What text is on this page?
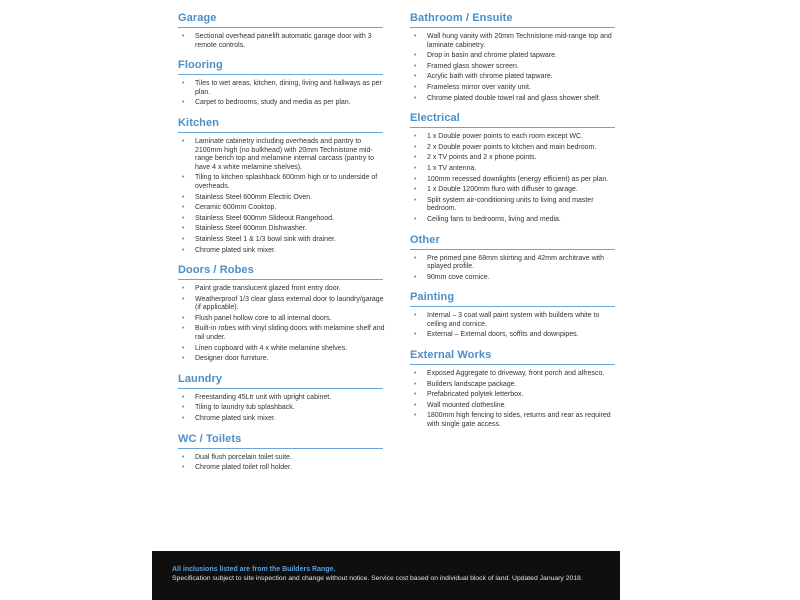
Garage
• Sectional overhead panelift automatic garage door with 3 remote controls.
Flooring
• Tiles to wet areas, kitchen, dining, living and hallways as per plan.
• Carpet to bedrooms, study and media as per plan.
Kitchen
• Laminate cabinetry including overheads and pantry to 2100mm high (no bulkhead) with 20mm Technistone mid-range bench top and melamine internal carcass (pantry to have 4 x white melamine shelves).
• Tiling to kitchen splashback 600mm high or to underside of overheads.
• Stainless Steel 600mm Electric Oven.
• Ceramic 600mm Cooktop.
• Stainless Steel 600mm Slideout Rangehood.
• Stainless Steel 600mm Dishwasher.
• Stainless Steel 1 & 1/3 bowl sink with drainer.
• Chrome plated sink mixer.
Doors / Robes
• Paint grade translucent glazed front entry door.
• Weatherproof 1/3 clear glass external door to laundry/garage (if applicable).
• Flush panel hollow core to all internal doors.
• Built-in robes with vinyl sliding doors with melamine shelf and rail under.
• Linen cupboard with 4 x white melamine shelves.
• Designer door furniture.
Laundry
• Freestanding 45Ltr unit with upright cabinet.
• Tiling to laundry tub splashback.
• Chrome plated sink mixer.
WC / Toilets
• Dual flush porcelain toilet suite.
• Chrome plated toilet roll holder.
Bathroom / Ensuite
• Wall hung vanity with 20mm Technistone mid-range top and laminate cabinetry.
• Drop in basin and chrome plated tapware.
• Framed glass shower screen.
• Acrylic bath with chrome plated tapware.
• Frameless mirror over vanity unit.
• Chrome plated double towel rail and glass shower shelf.
Electrical
• 1 x Double power points to each room except WC.
• 2 x Double power points to kitchen and main bedroom.
• 2 x TV points and 2 x phone points.
• 1 x TV antenna.
• 100mm recessed downlights (energy efficient) as per plan.
• 1 x Double 1200mm fluro with diffuser to garage.
• Split system air-conditioning units to living and master bedroom.
• Ceiling fans to bedrooms, living and media.
Other
• Pre primed pine 68mm skirting and 42mm architrave with splayed profile.
• 90mm cove cornice.
Painting
• Internal – 3 coat wall paint system with builders white to ceiling and cornice.
• External – External doors, soffits and downpipes.
External Works
• Exposed Aggregate to driveway, front porch and alfresco.
• Builders landscape package.
• Prefabricated polytek letterbox.
• Wall mounted clothesline.
• 1800mm high fencing to sides, returns and rear as required with single gate access.
All inclusions listed are from the Builders Range.
Specification subject to site inspection and change without notice. Service cost based on individual block of land. Updated January 2018.
